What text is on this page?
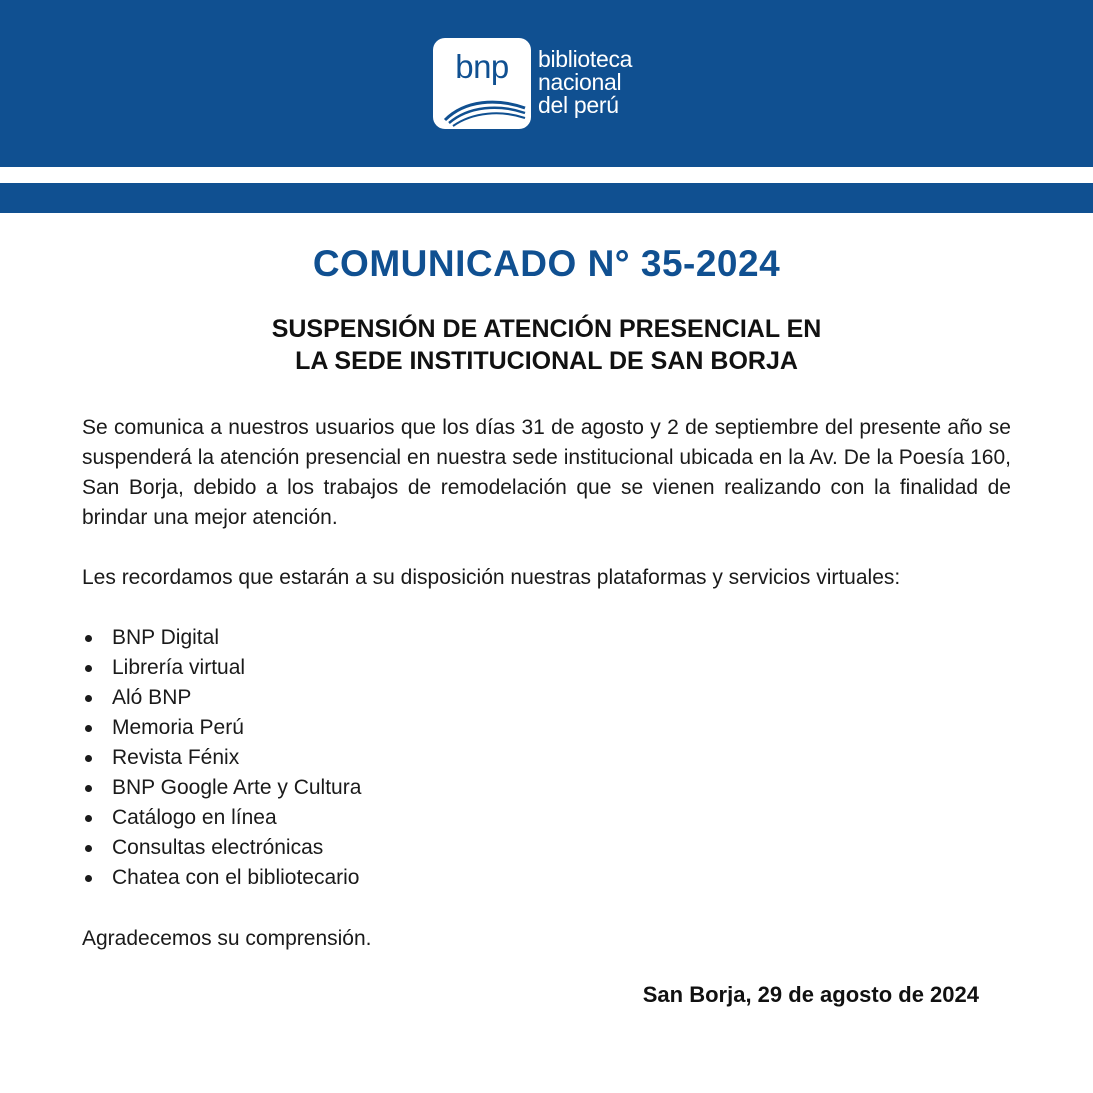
bnp	biblioteca
nacional
del perú
COMUNICADO N° 35-2024
SUSPENSIÓN DE ATENCIÓN PRESENCIAL EN
LA SEDE INSTITUCIONAL DE SAN BORJA
Se comunica a nuestros usuarios que los días 31 de agosto y 2 de septiembre del presente año se suspenderá la atención presencial en nuestra sede institucional ubicada en la Av. De la Poesía 160, San Borja, debido a los trabajos de remodelación que se vienen realizando con la finalidad de brindar una mejor atención.
Les recordamos que estarán a su disposición nuestras plataformas y servicios virtuales:
BNP Digital
Librería virtual
Aló BNP
Memoria Perú
Revista Fénix
BNP Google Arte y Cultura
Catálogo en línea
Consultas electrónicas
Chatea con el bibliotecario
Agradecemos su comprensión.
San Borja, 29 de agosto de 2024
